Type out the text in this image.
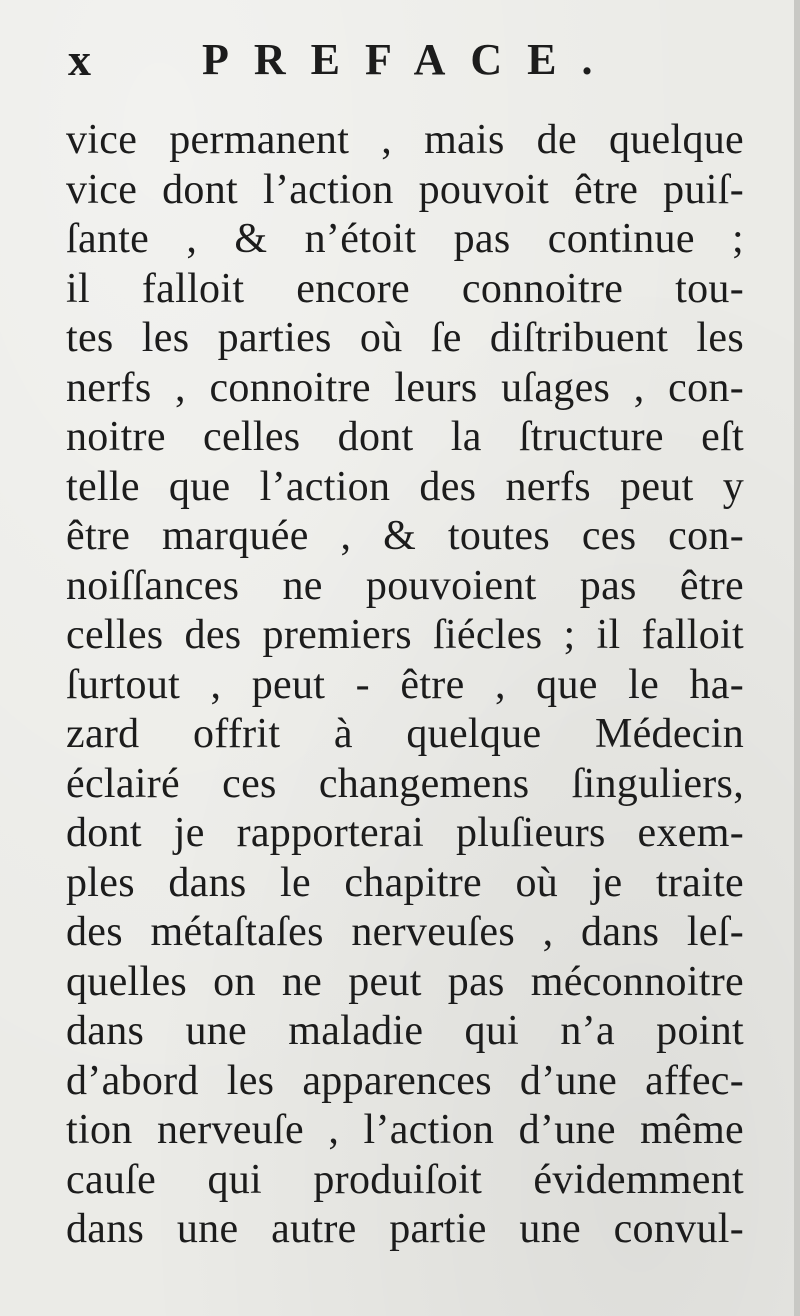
x	PREFACE.
vice permanent , mais de quelque
vice dont l’action pouvoit être puiſ-
ſante , & n’étoit pas continue ;
il falloit encore connoitre tou-
tes les parties où ſe diſtribuent les
nerfs , connoitre leurs uſages , con-
noitre celles dont la ſtructure eſt
telle que l’action des nerfs peut y
être marquée , & toutes ces con-
noiſſances ne pouvoient pas être
celles des premiers ſiécles ; il falloit
ſurtout , peut - être , que le ha-
zard offrit à quelque Médecin
éclairé ces changemens ſinguliers,
dont je rapporterai pluſieurs exem-
ples dans le chapitre où je traite
des métaſtaſes nerveuſes , dans leſ-
quelles on ne peut pas méconnoitre
dans une maladie qui n’a point
d’abord les apparences d’une affec-
tion nerveuſe , l’action d’une même
cauſe qui produiſoit évidemment
dans une autre partie une convul-
